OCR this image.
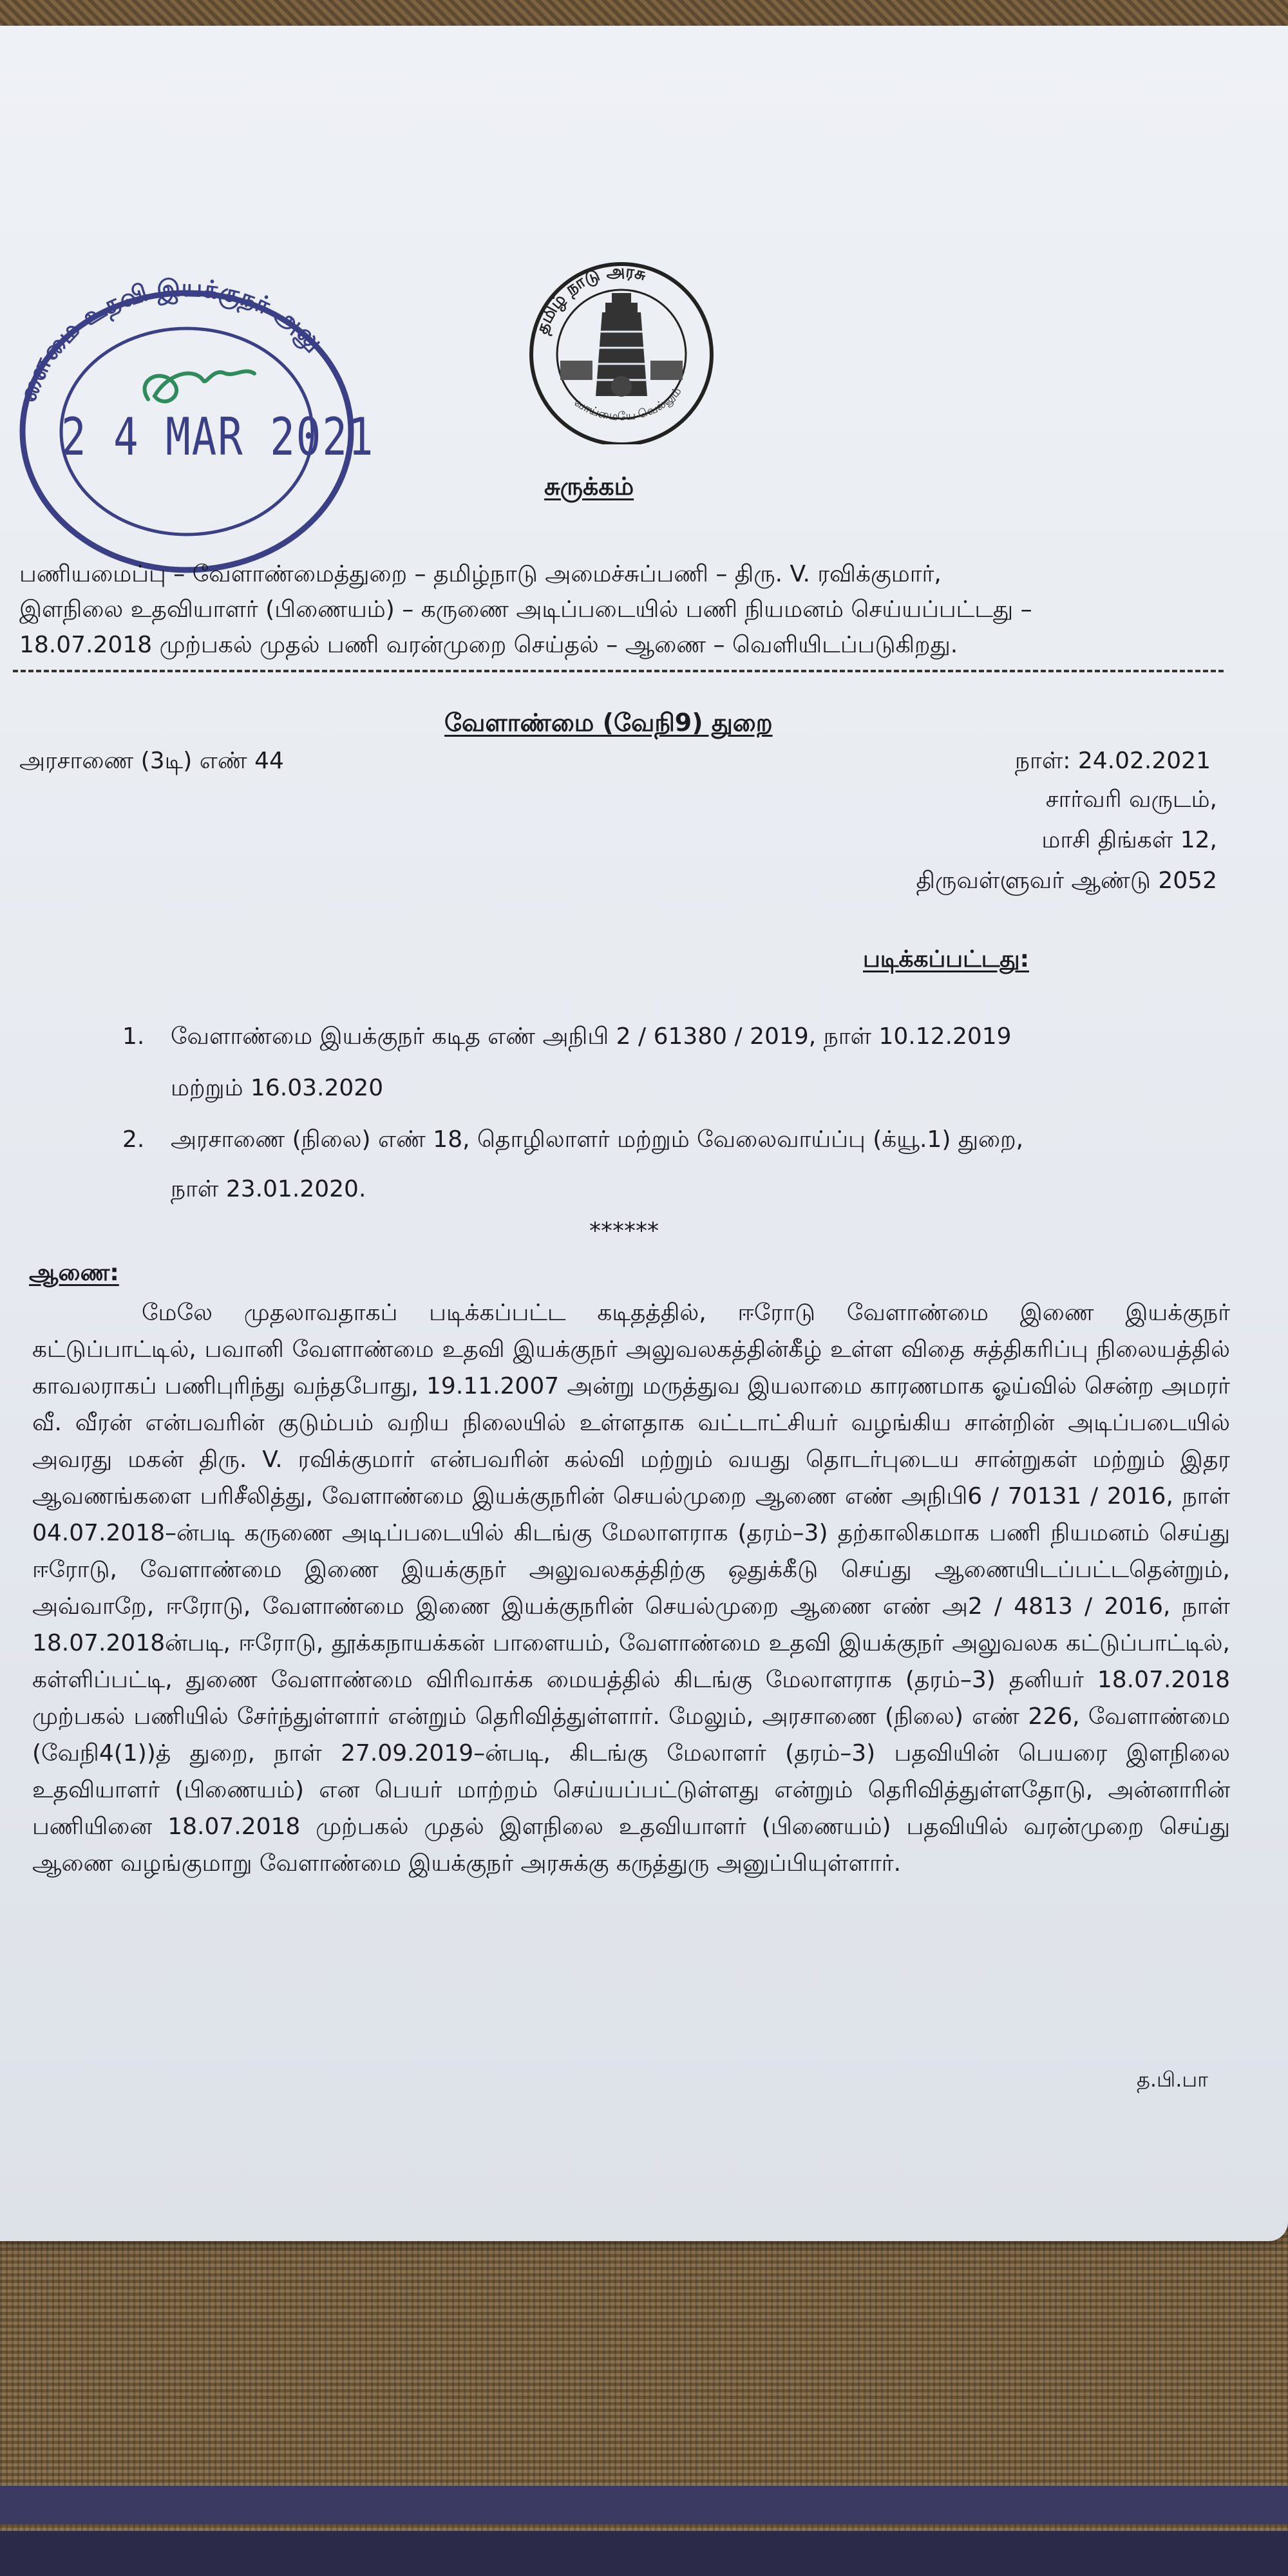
ளைமை உதவி இயக்குநர் அலு
2 4 MAR 2021
தமிழ் நாடு அரசு
வாய்மையே வெல்லும்
சுருக்கம்
பணியமைப்பு – வேளாண்மைத்துறை – தமிழ்நாடு அமைச்சுப்பணி – திரு. V. ரவிக்குமார்,
இளநிலை உதவியாளர் (பிணையம்) – கருணை அடிப்படையில் பணி நியமனம் செய்யப்பட்டது –
18.07.2018 முற்பகல் முதல் பணி வரன்முறை செய்தல் – ஆணை – வெளியிடப்படுகிறது.
வேளாண்மை (வேநி9) துறை
அரசாணை (3டி) எண் 44	நாள்: 24.02.2021
சார்வரி வருடம்,
மாசி திங்கள் 12,
திருவள்ளுவர் ஆண்டு 2052
படிக்கப்பட்டது:
1. வேளாண்மை இயக்குநர் கடித எண் அநிபி 2 / 61380 / 2019, நாள் 10.12.2019
மற்றும் 16.03.2020
2. அரசாணை (நிலை) எண் 18, தொழிலாளர் மற்றும் வேலைவாய்ப்பு (க்யூ.1) துறை,
நாள் 23.01.2020.
******
ஆணை:
மேலே முதலாவதாகப் படிக்கப்பட்ட கடிதத்தில், ஈரோடு வேளாண்மை இணை இயக்குநர் கட்டுப்பாட்டில், பவானி வேளாண்மை உதவி இயக்குநர் அலுவலகத்தின்கீழ் உள்ள விதை சுத்திகரிப்பு நிலையத்தில் காவலராகப் பணிபுரிந்து வந்தபோது, 19.11.2007 அன்று மருத்துவ இயலாமை காரணமாக ஓய்வில் சென்ற அமரர் வீ. வீரன் என்பவரின் குடும்பம் வறிய நிலையில் உள்ளதாக வட்டாட்சியர் வழங்கிய சான்றின் அடிப்படையில் அவரது மகன் திரு. V. ரவிக்குமார் என்பவரின் கல்வி மற்றும் வயது தொடர்புடைய சான்றுகள் மற்றும் இதர ஆவணங்களை பரிசீலித்து, வேளாண்மை இயக்குநரின் செயல்முறை ஆணை எண் அநிபி6 / 70131 / 2016, நாள் 04.07.2018–ன்படி கருணை அடிப்படையில் கிடங்கு மேலாளராக (தரம்–3) தற்காலிகமாக பணி நியமனம் செய்து ஈரோடு, வேளாண்மை இணை இயக்குநர் அலுவலகத்திற்கு ஒதுக்கீடு செய்து ஆணையிடப்பட்டதென்றும், அவ்வாறே, ஈரோடு, வேளாண்மை இணை இயக்குநரின் செயல்முறை ஆணை எண் அ2 / 4813 / 2016, நாள் 18.07.2018ன்படி, ஈரோடு, தூக்கநாயக்கன் பாளையம், வேளாண்மை உதவி இயக்குநர் அலுவலக கட்டுப்பாட்டில், கள்ளிப்பட்டி, துணை வேளாண்மை விரிவாக்க மையத்தில் கிடங்கு மேலாளராக (தரம்–3) தனியர் 18.07.2018 முற்பகல் பணியில் சேர்ந்துள்ளார் என்றும் தெரிவித்துள்ளார். மேலும், அரசாணை (நிலை) எண் 226, வேளாண்மை (வேநி4(1))த் துறை, நாள் 27.09.2019–ன்படி, கிடங்கு மேலாளர் (தரம்–3) பதவியின் பெயரை இளநிலை உதவியாளர் (பிணையம்) என பெயர் மாற்றம் செய்யப்பட்டுள்ளது என்றும் தெரிவித்துள்ளதோடு, அன்னாரின் பணியினை 18.07.2018 முற்பகல் முதல் இளநிலை உதவியாளர் (பிணையம்) பதவியில் வரன்முறை செய்து ஆணை வழங்குமாறு வேளாண்மை இயக்குநர் அரசுக்கு கருத்துரு அனுப்பியுள்ளார்.
த.பி.பா
